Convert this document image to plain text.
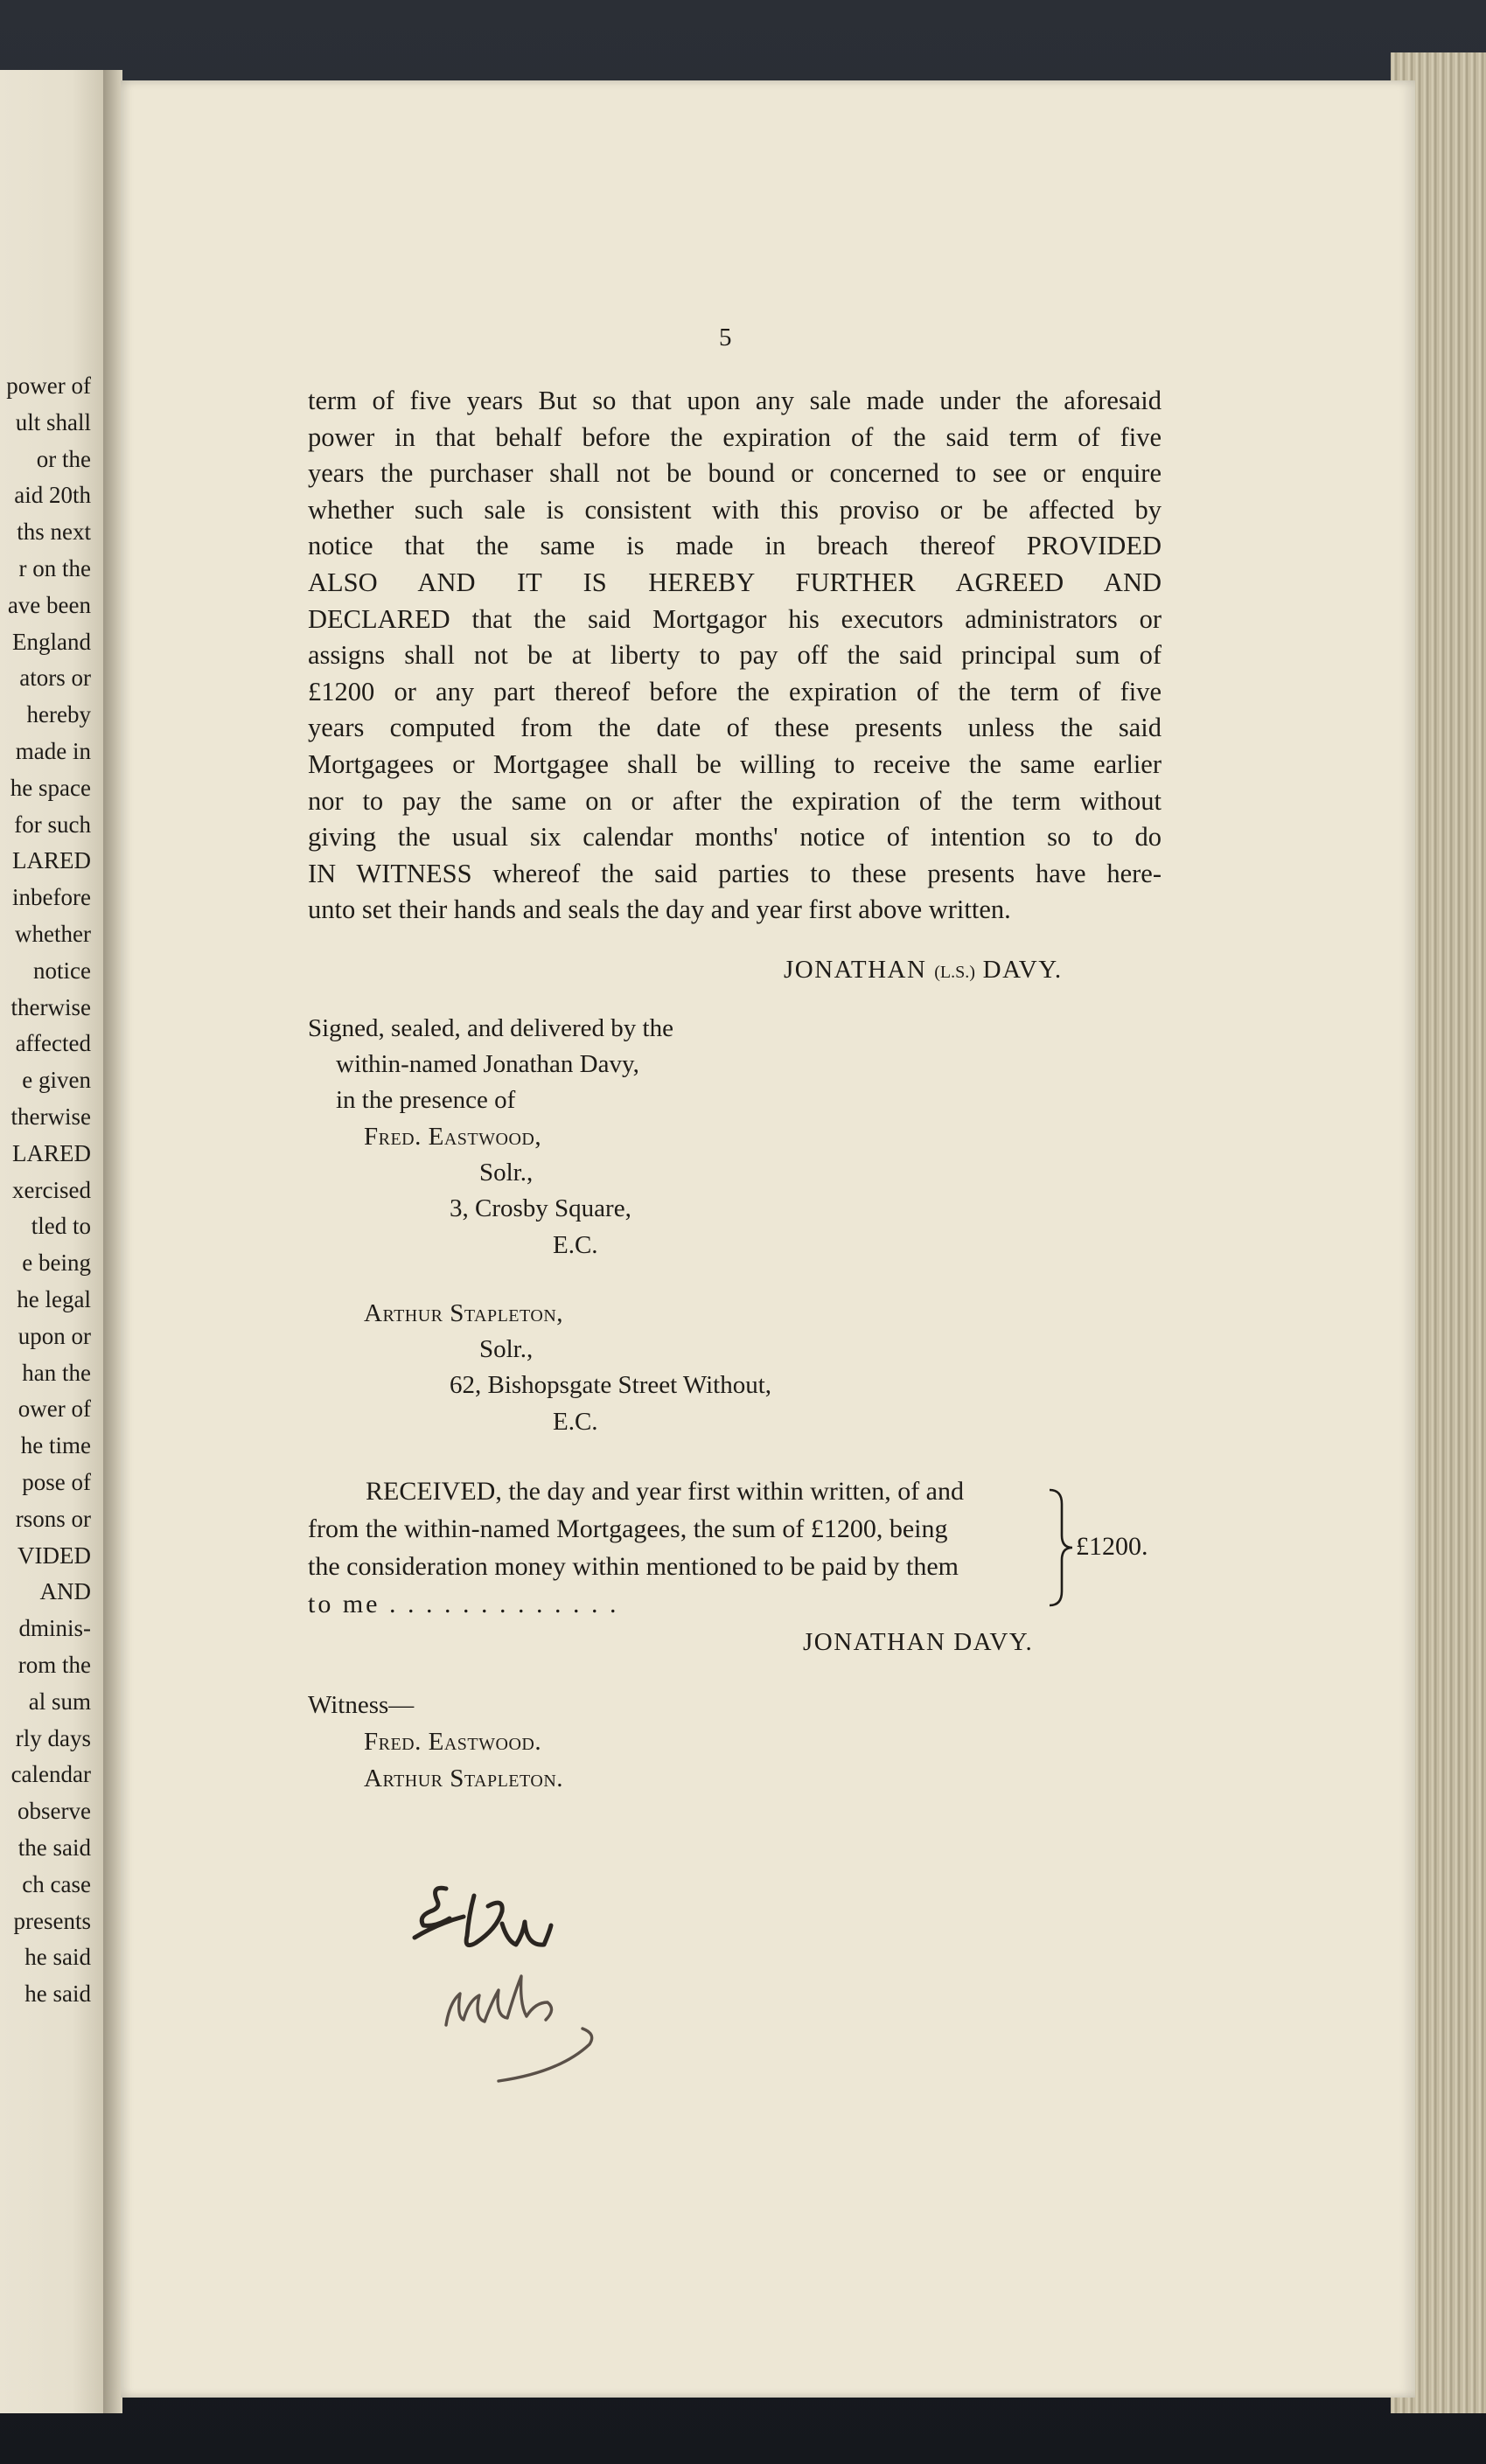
power of
ult shall
or the
aid 20th
ths next
r on the
ave been
England
ators or
hereby
made in
he space
for such
LARED
inbefore
whether
notice
therwise
affected
e given
therwise
LARED
xercised
tled to
e being
he legal
upon or
han the
ower of
he time
pose of
rsons or
VIDED
AND
dminis-
rom the
al sum
rly days
calendar
observe
the said
ch case
presents
he said
he said
5
term of five years But so that upon any sale made under the aforesaid
power in that behalf before the expiration of the said term of five
years the purchaser shall not be bound or concerned to see or enquire
whether such sale is consistent with this proviso or be affected by
notice that the same is made in breach thereof PROVIDED
ALSO AND IT IS HEREBY FURTHER AGREED AND
DECLARED that the said Mortgagor his executors administrators or
assigns shall not be at liberty to pay off the said principal sum of
£1200 or any part thereof before the expiration of the term of five
years computed from the date of these presents unless the said
Mortgagees or Mortgagee shall be willing to receive the same earlier
nor to pay the same on or after the expiration of the term without
giving the usual six calendar months' notice of intention so to do
IN WITNESS whereof the said parties to these presents have here-
unto set their hands and seals the day and year first above written.
JONATHAN (L.S.) DAVY.
Signed, sealed, and delivered by the
within-named Jonathan Davy,
in the presence of
Fred. Eastwood,
Solr.,
3, Crosby Square,
E.C.
Arthur Stapleton,
Solr.,
62, Bishopsgate Street Without,
E.C.
RECEIVED, the day and year first within written, of and
from the within-named Mortgagees, the sum of £1200, being
the consideration money within mentioned to be paid by them
to me . . . . . . . . . . . . .
£1200.
JONATHAN DAVY.
Witness—
Fred. Eastwood.
Arthur Stapleton.
